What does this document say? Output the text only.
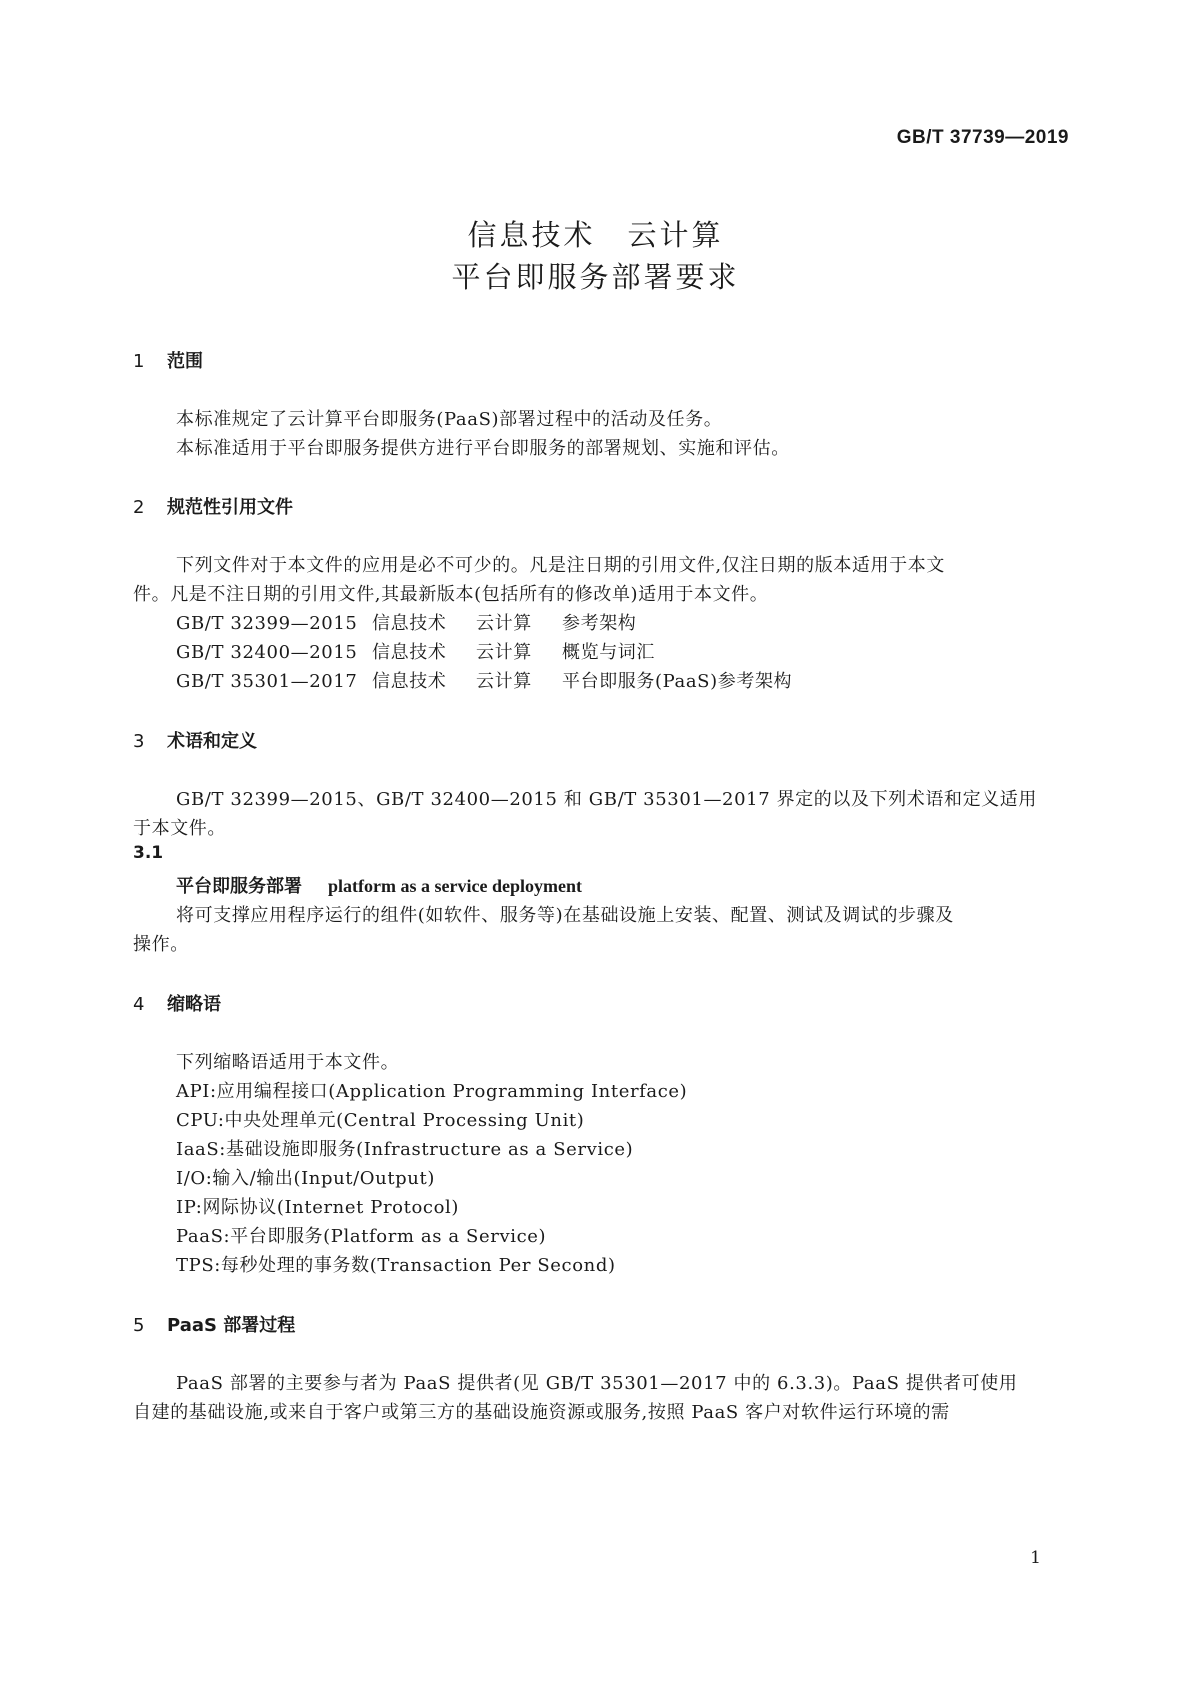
GB/T 37739—2019
信息技术　云计算
平台即服务部署要求
1 范围
本标准规定了云计算平台即服务(PaaS)部署过程中的活动及任务。
本标准适用于平台即服务提供方进行平台即服务的部署规划、实施和评估。
2 规范性引用文件
下列文件对于本文件的应用是必不可少的。凡是注日期的引用文件,仅注日期的版本适用于本文
件。凡是不注日期的引用文件,其最新版本(包括所有的修改单)适用于本文件。
GB/T 32399—2015 信息技术 云计算 参考架构
GB/T 32400—2015 信息技术 云计算 概览与词汇
GB/T 35301—2017 信息技术 云计算 平台即服务(PaaS)参考架构
3 术语和定义
GB/T 32399—2015、GB/T 32400—2015 和 GB/T 35301—2017 界定的以及下列术语和定义适用
于本文件。
3.1
平台即服务部署 platform as a service deployment
将可支撑应用程序运行的组件(如软件、服务等)在基础设施上安装、配置、测试及调试的步骤及
操作。
4 缩略语
下列缩略语适用于本文件。
API:应用编程接口(Application Programming Interface)
CPU:中央处理单元(Central Processing Unit)
IaaS:基础设施即服务(Infrastructure as a Service)
I/O:输入/输出(Input/Output)
IP:网际协议(Internet Protocol)
PaaS:平台即服务(Platform as a Service)
TPS:每秒处理的事务数(Transaction Per Second)
5 PaaS 部署过程
PaaS 部署的主要参与者为 PaaS 提供者(见 GB/T 35301—2017 中的 6.3.3)。PaaS 提供者可使用
自建的基础设施,或来自于客户或第三方的基础设施资源或服务,按照 PaaS 客户对软件运行环境的需
1
